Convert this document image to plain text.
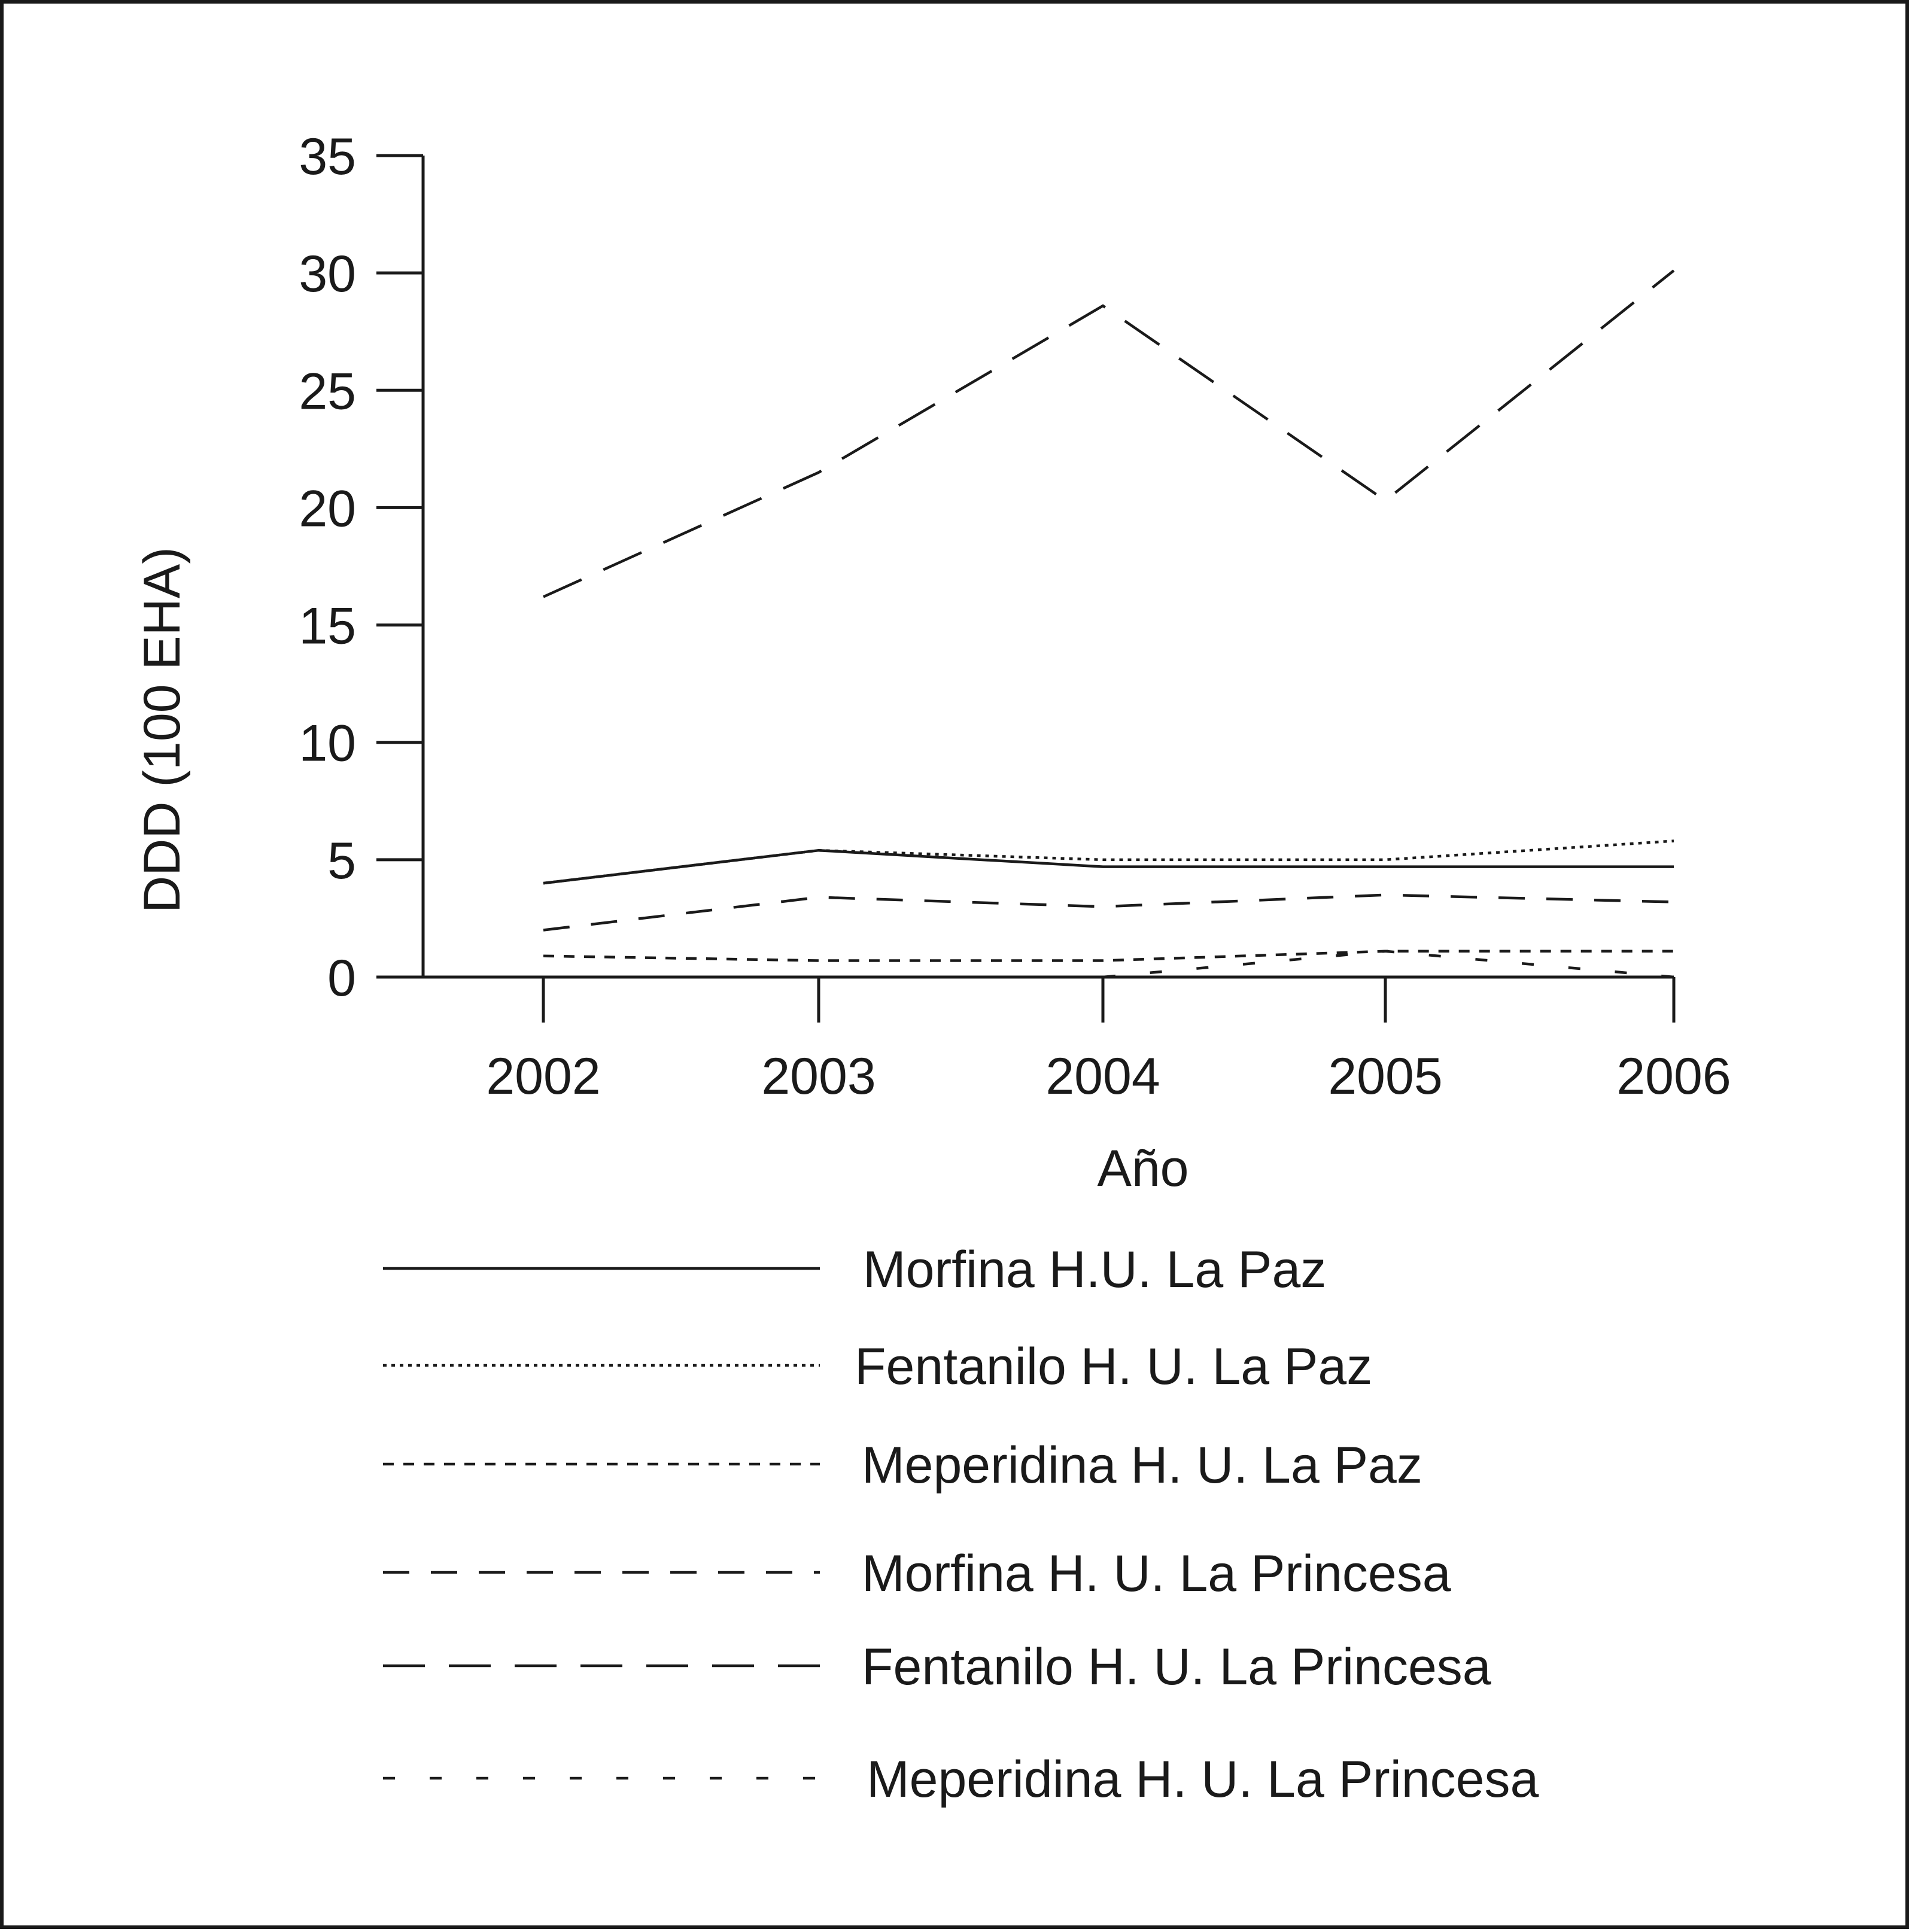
0
5
10
15
20
25
30
35
2002	2003	2004	2005	2006
Año
DDD (100 EHA)
Morfina H.U. La Paz
Fentanilo H. U. La Paz
Meperidina H. U. La Paz
Morfina H. U. La Princesa
Fentanilo H. U. La Princesa
Meperidina H. U. La Princesa
